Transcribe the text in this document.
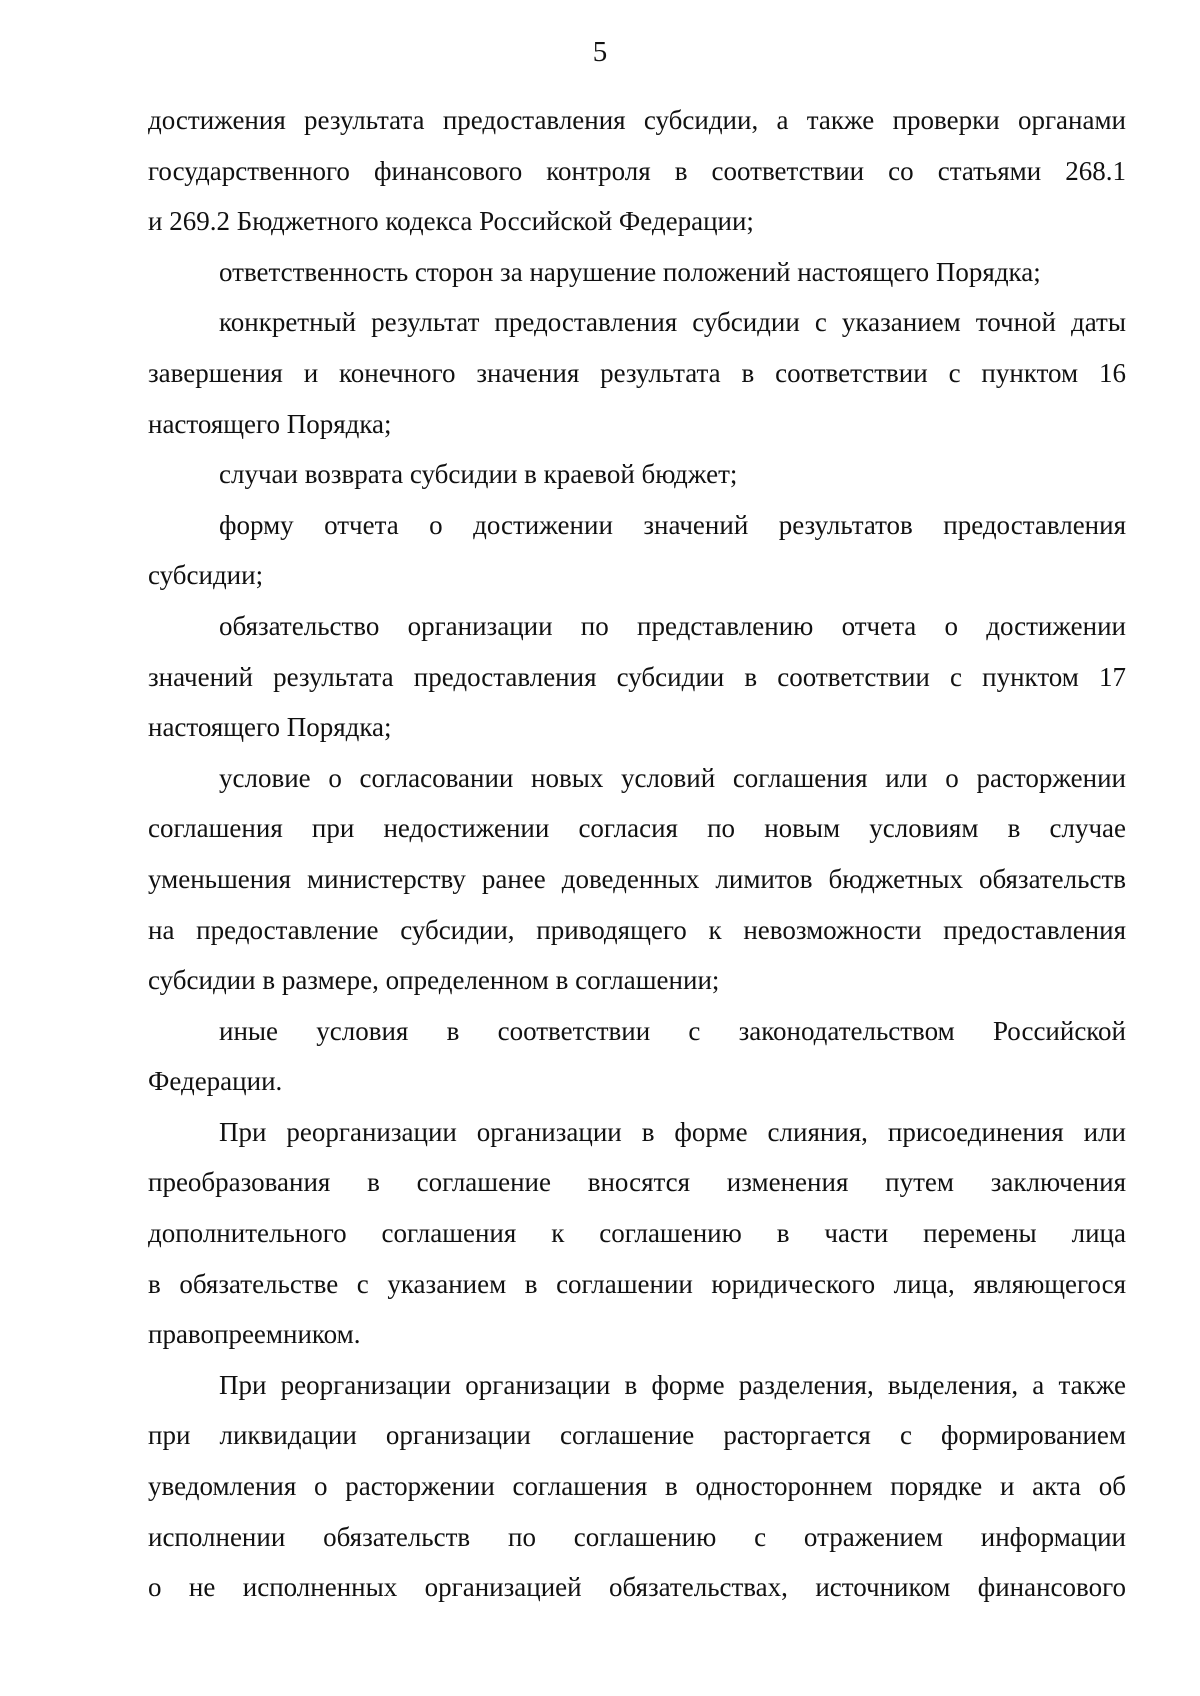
5
достижения результата предоставления субсидии, а также проверки органами
государственного финансового контроля в соответствии со статьями 268.1
и 269.2 Бюджетного кодекса Российской Федерации;
ответственность сторон за нарушение положений настоящего Порядка;
конкретный результат предоставления субсидии с указанием точной даты
завершения и конечного значения результата в соответствии с пунктом 16
настоящего Порядка;
случаи возврата субсидии в краевой бюджет;
форму отчета о достижении значений результатов предоставления
субсидии;
обязательство организации по представлению отчета о достижении
значений результата предоставления субсидии в соответствии с пунктом 17
настоящего Порядка;
условие о согласовании новых условий соглашения или о расторжении
соглашения при недостижении согласия по новым условиям в случае
уменьшения министерству ранее доведенных лимитов бюджетных обязательств
на предоставление субсидии, приводящего к невозможности предоставления
субсидии в размере, определенном в соглашении;
иные условия в соответствии с законодательством Российской
Федерации.
При реорганизации организации в форме слияния, присоединения или
преобразования в соглашение вносятся изменения путем заключения
дополнительного соглашения к соглашению в части перемены лица
в обязательстве с указанием в соглашении юридического лица, являющегося
правопреемником.
При реорганизации организации в форме разделения, выделения, а также
при ликвидации организации соглашение расторгается с формированием
уведомления о расторжении соглашения в одностороннем порядке и акта об
исполнении обязательств по соглашению с отражением информации
о не исполненных организацией обязательствах, источником финансового
